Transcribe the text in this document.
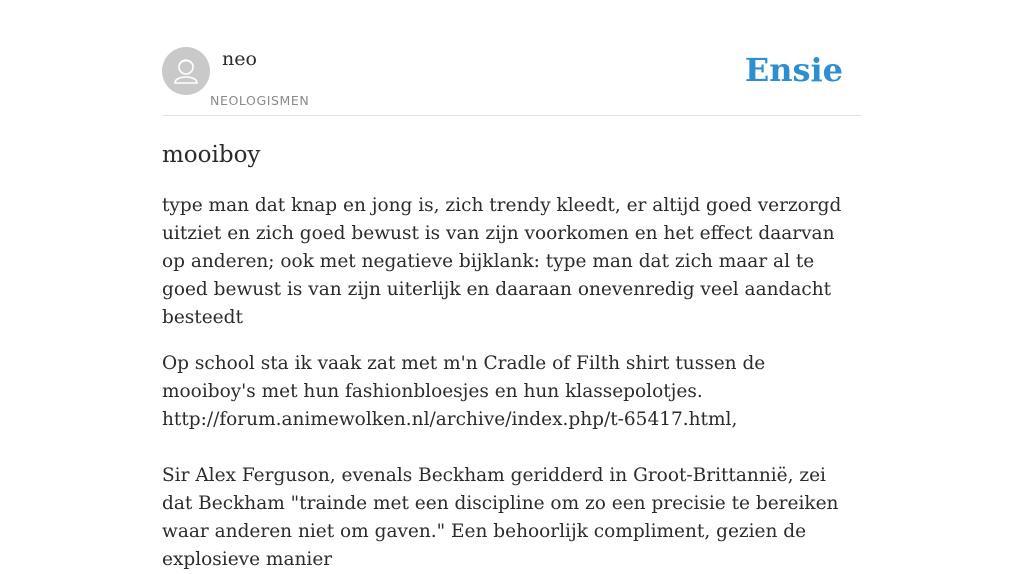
neo
NEOLOGISMEN
Ensie
mooiboy
type man dat knap en jong is, zich trendy kleedt, er altijd goed verzorgd uitziet en zich goed bewust is van zijn voorkomen en het effect daarvan op anderen; ook met negatieve bijklank: type man dat zich maar al te goed bewust is van zijn uiterlijk en daaraan onevenredig veel aandacht besteedt

Op school sta ik vaak zat met m'n Cradle of Filth shirt tussen de mooiboy's met hun fashionbloesjes en hun klassepolotjes.

http://forum.animewolken.nl/archive/index.php/t-65417.html,

Sir Alex Ferguson, evenals Beckham geridderd in Groot-Brittannië, zei dat Beckham "trainde met een discipline om zo een precisie te bereiken waar anderen niet om gaven." Een behoorlijk compliment, gezien de explosieve manier
